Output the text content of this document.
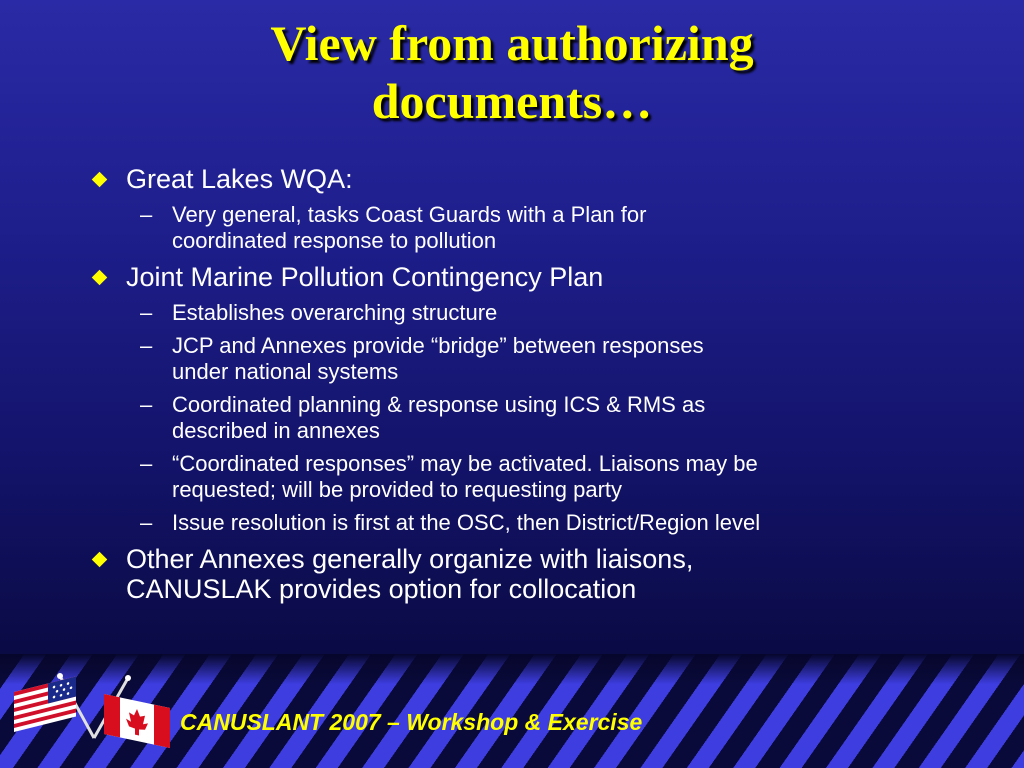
View from authorizing
documents…
Great Lakes WQA:
– Very general, tasks Coast Guards with a Plan for
coordinated response to pollution
Joint Marine Pollution Contingency Plan
– Establishes overarching structure
– JCP and Annexes provide “bridge” between responses
under national systems
– Coordinated planning & response using ICS & RMS as
described in annexes
– “Coordinated responses” may be activated. Liaisons may be
requested; will be provided to requesting party
– Issue resolution is first at the OSC, then District/Region level
Other Annexes generally organize with liaisons,
CANUSLAK provides option for collocation
CANUSLANT 2007 – Workshop & Exercise
